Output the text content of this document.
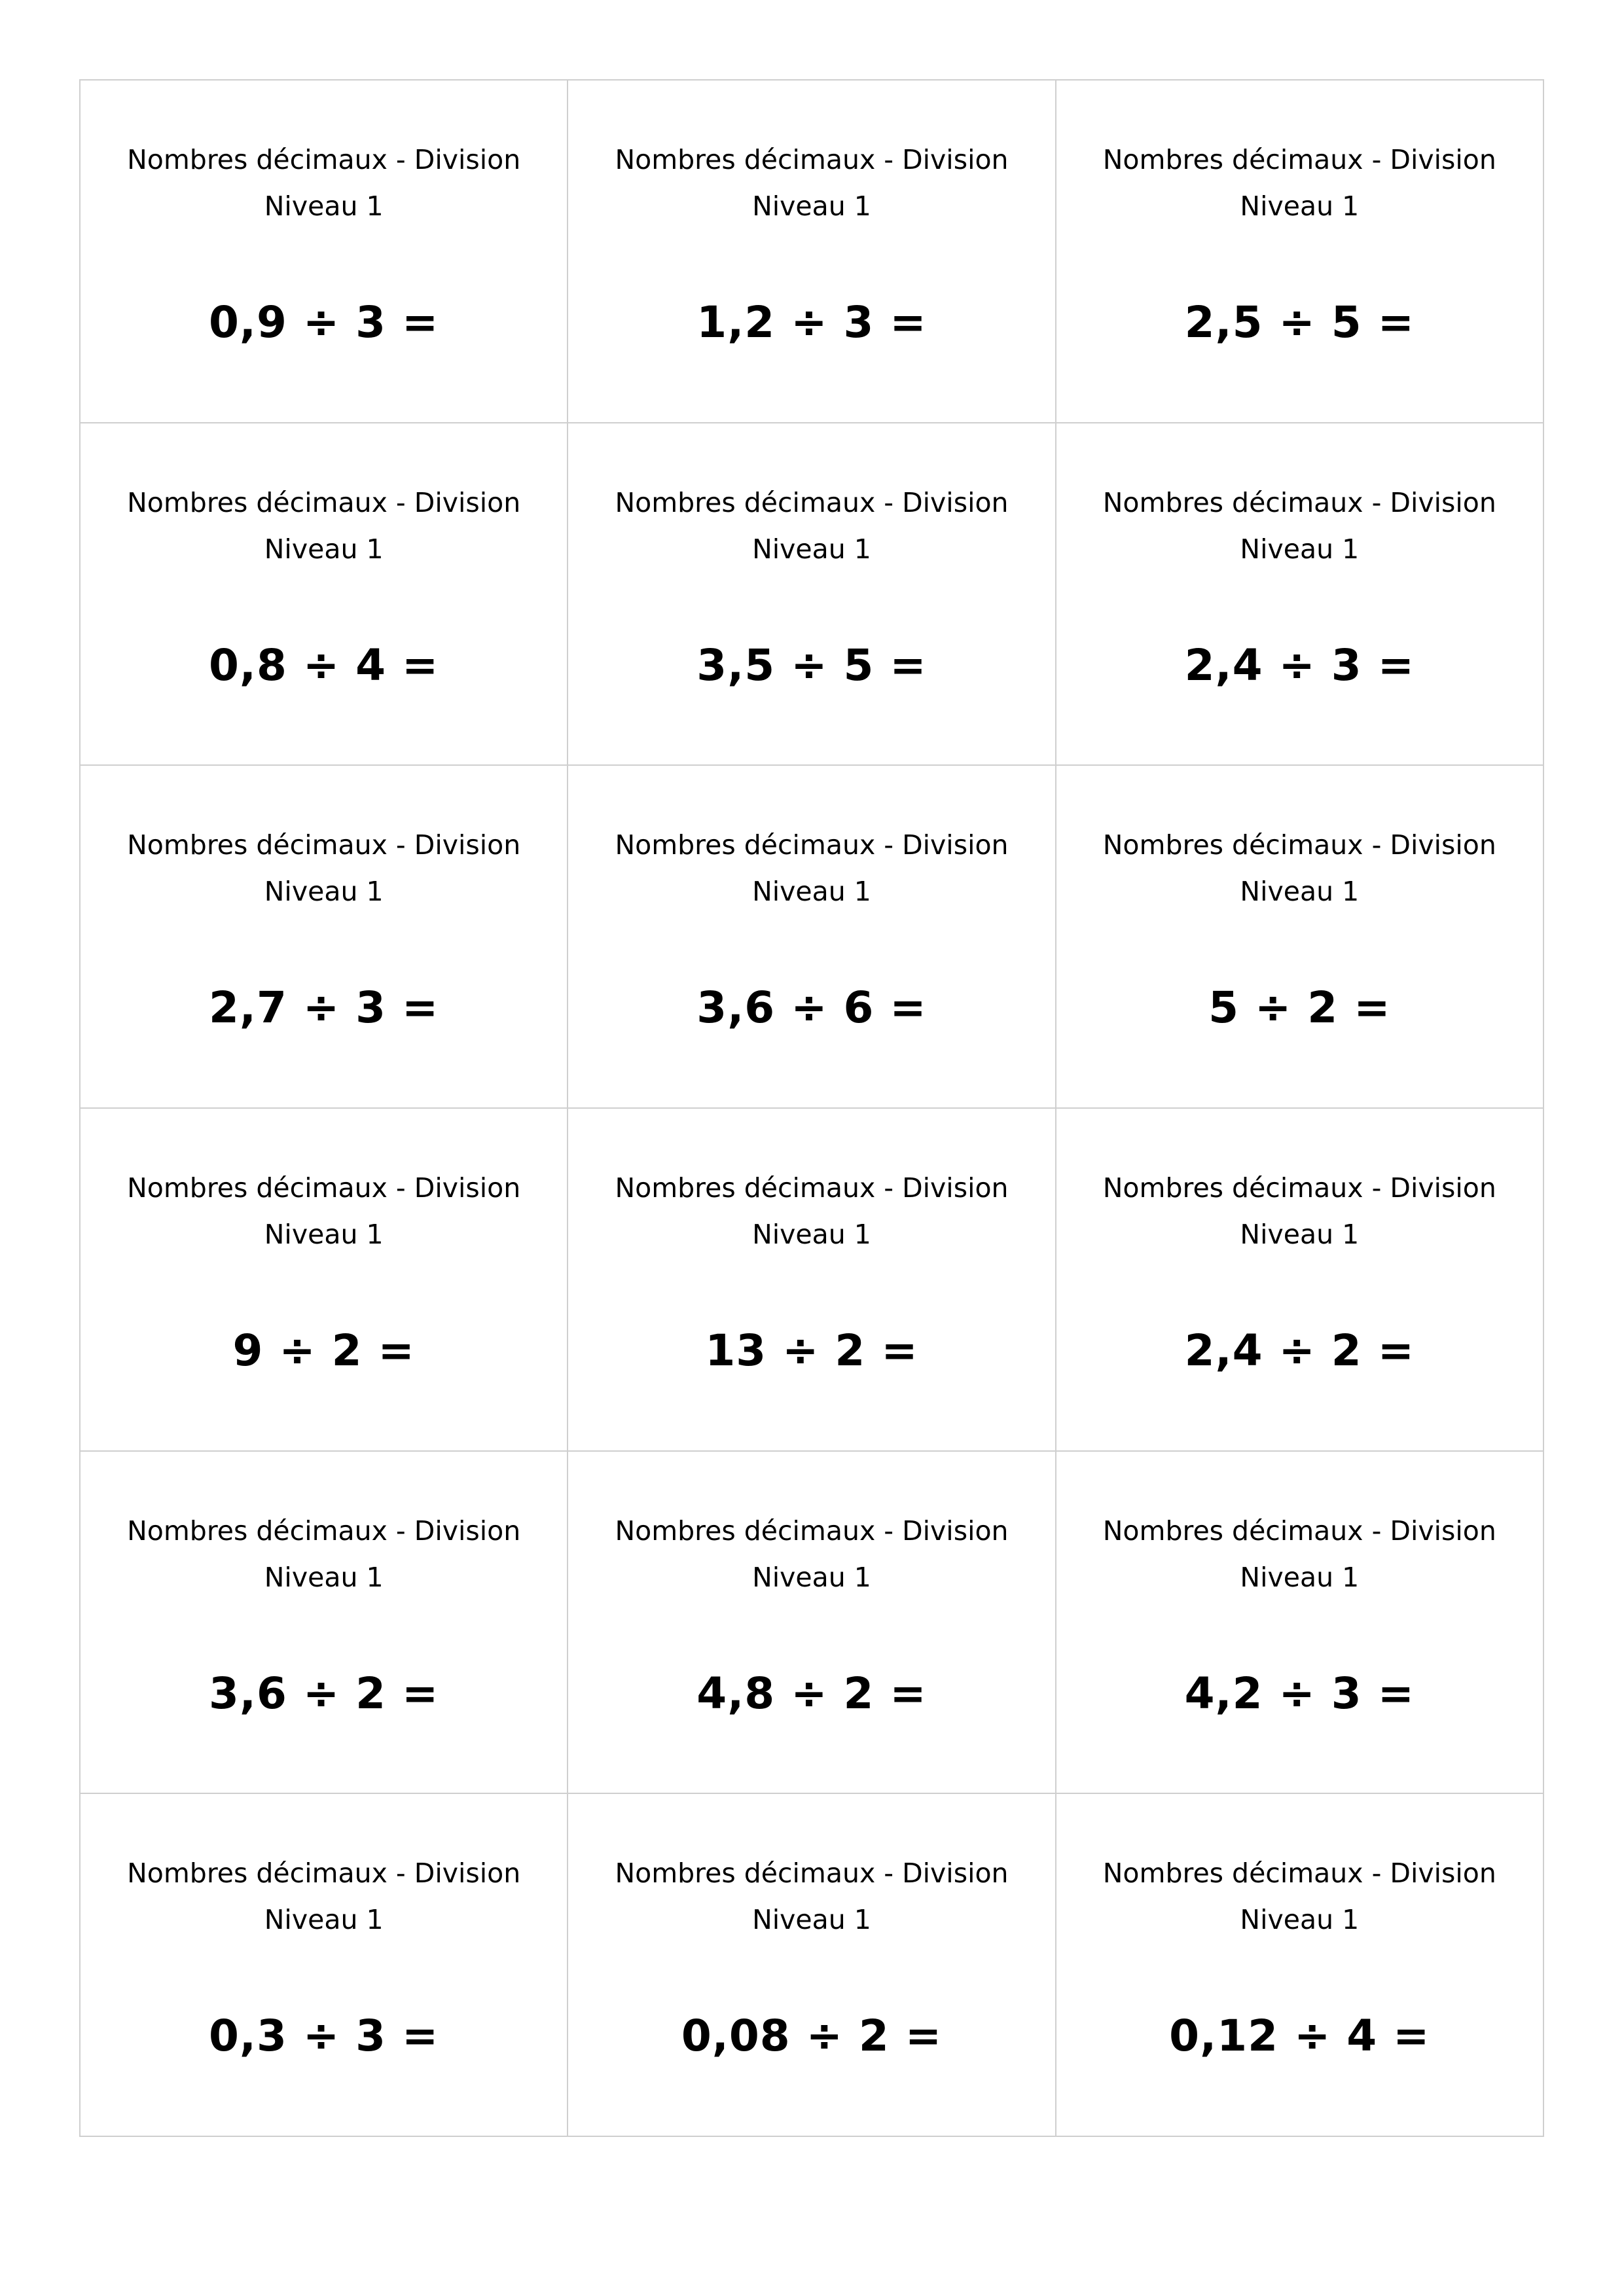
Nombres décimaux - Division
Niveau 1
0,9 ÷ 3 =
Nombres décimaux - Division
Niveau 1
1,2 ÷ 3 =
Nombres décimaux - Division
Niveau 1
2,5 ÷ 5 =
Nombres décimaux - Division
Niveau 1
0,8 ÷ 4 =
Nombres décimaux - Division
Niveau 1
3,5 ÷ 5 =
Nombres décimaux - Division
Niveau 1
2,4 ÷ 3 =
Nombres décimaux - Division
Niveau 1
2,7 ÷ 3 =
Nombres décimaux - Division
Niveau 1
3,6 ÷ 6 =
Nombres décimaux - Division
Niveau 1
5 ÷ 2 =
Nombres décimaux - Division
Niveau 1
9 ÷ 2 =
Nombres décimaux - Division
Niveau 1
13 ÷ 2 =
Nombres décimaux - Division
Niveau 1
2,4 ÷ 2 =
Nombres décimaux - Division
Niveau 1
3,6 ÷ 2 =
Nombres décimaux - Division
Niveau 1
4,8 ÷ 2 =
Nombres décimaux - Division
Niveau 1
4,2 ÷ 3 =
Nombres décimaux - Division
Niveau 1
0,3 ÷ 3 =
Nombres décimaux - Division
Niveau 1
0,08 ÷ 2 =
Nombres décimaux - Division
Niveau 1
0,12 ÷ 4 =
